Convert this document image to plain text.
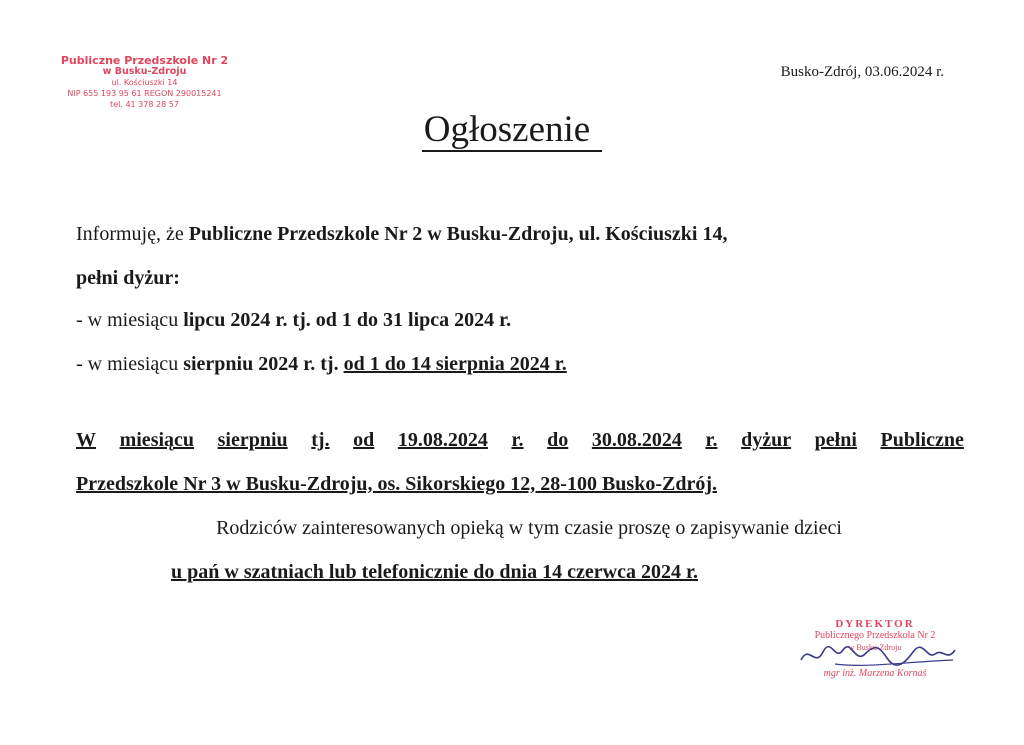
Publiczne Przedszkole Nr 2
w Busku-Zdroju
ul. Kościuszki 14
NIP 655 193 95 61 REGON 290015241
tel. 41 378 28 57
Busko-Zdrój, 03.06.2024 r.
Ogłoszenie
Informuję, że Publiczne Przedszkole Nr 2 w Busku-Zdroju, ul. Kościuszki 14,
pełni dyżur:
- w miesiącu lipcu 2024 r. tj. od 1 do 31 lipca 2024 r.
- w miesiącu sierpniu 2024 r. tj. od 1 do 14 sierpnia 2024 r.
W miesiącu sierpniu tj. od 19.08.2024 r. do 30.08.2024 r. dyżur pełni Publiczne
Przedszkole Nr 3 w Busku-Zdroju, os. Sikorskiego 12, 28-100 Busko-Zdrój.
Rodziców zainteresowanych opieką w tym czasie proszę o zapisywanie dzieci
u pań w szatniach lub telefonicznie do dnia 14 czerwca 2024 r.
DYREKTOR
Publicznego Przedszkola Nr 2
w Busku-Zdroju
mgr inż. Marzena Kornaś
